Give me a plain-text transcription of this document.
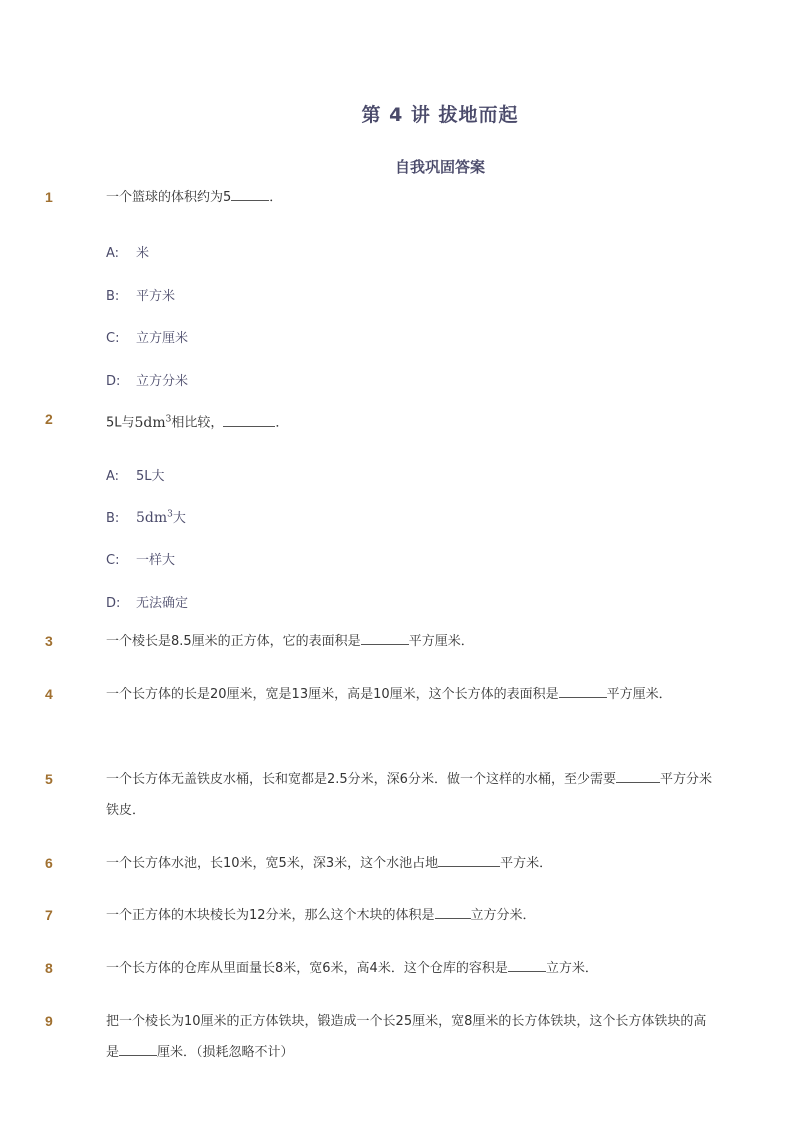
第 4 讲 拔地而起
自我巩固答案
1	一个篮球的体积约为5	．
A: 米
B: 平方米
C: 立方厘米
D: 立方分米
2	5L与$5dm^3$相比较，	．
A: 5L大
B: $5dm^3$大
C: 一样大
D: 无法确定
3	一个棱长是8.5厘米的正方体，它的表面积是	平方厘米．
4	一个长方体的长是20厘米，宽是13厘米，高是10厘米，这个长方体的表面积是	平方厘米．
5	一个长方体无盖铁皮水桶，长和宽都是2.5分米，深6分米．做一个这样的水桶，至少需要	平方分米铁皮．
6	一个长方体水池，长10米，宽5米，深3米，这个水池占地	平方米．
7	一个正方体的木块棱长为12分米，那么这个木块的体积是	立方分米．
8	一个长方体的仓库从里面量长8米，宽6米，高4米．这个仓库的容积是	立方米．
9	把一个棱长为10厘米的正方体铁块，锻造成一个长25厘米，宽8厘米的长方体铁块，这个长方体铁块的高是	厘米．（损耗忽略不计）
